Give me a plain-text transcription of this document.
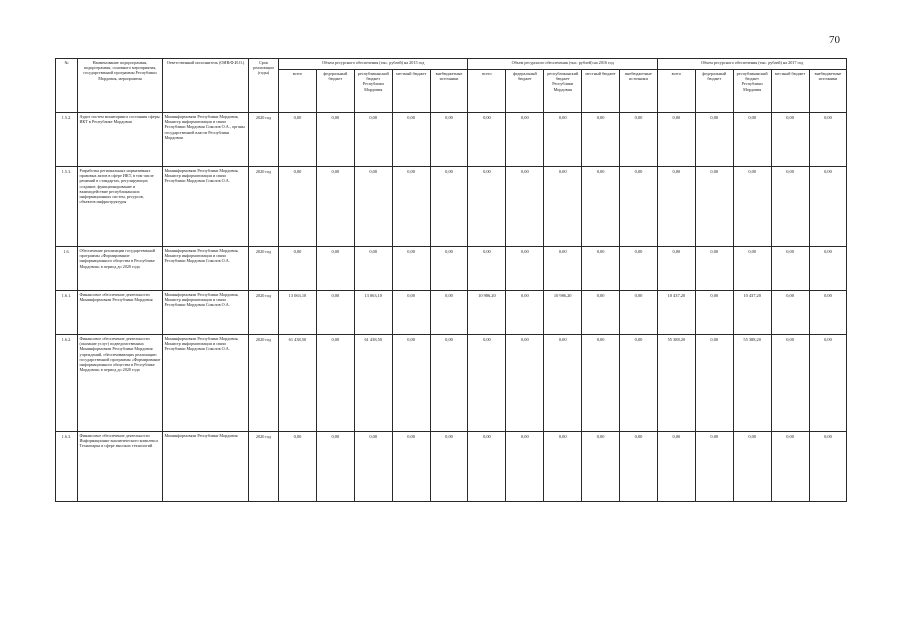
70
№	Наименование подпрограммы, подпрограммы, основного мероприятия, государственной программы Республики Мордовия, мероприятия	Ответственный исполнитель (ОИВ/Ф.И.О.)	Срок реализации (годы)	Объем ресурсного обеспечения (тыс. рублей) на 2015 год					Объем ресурсного обеспечения (тыс. рублей) на 2016 год					Объем ресурсного обеспечения (тыс. рублей) на 2017 год				
				всего	федеральный бюджет	республиканский бюджет Республики Мордовия	местный бюджет	внебюджетные источники	всего	федеральный бюджет	республиканский бюджет Республики Мордовия	местный бюджет	внебюджетные источники	всего	федеральный бюджет	республиканский бюджет Республики Мордовия	местный бюджет	внебюджетные источники
1.5.2.	Аудит систем мониторинга состояния сферы ИКТ в Республике Мордовия	Мининформсвязи Республики Мордовия, Министр информатизации и связи Республики Мордовия Соколов О.А., органы государственной власти Республики Мордовия	2020 год	0,00	0,00	0,00	0,00	0,00	0,00	0,00	0,00	0,00	0,00	0,00	0,00	0,00	0,00	0,00
1.5.3.	Разработка региональных нормативных правовых актов в сфере ИКТ, в том числе решений в стандартах, регулирующих создание, функционирование и взаимодействие республиканских информационных систем, ресурсов, объектов инфраструктуры	Мининформсвязи Республики Мордовия, Министр информатизации и связи Республики Мордовия Соколов О.А.	2020 год	0,00	0,00	0,00	0,00	0,00	0,00	0,00	0,00	0,00	0,00	0,00	0,00	0,00	0,00	0,00
1.6.	Обеспечение реализации государственной программы «Формирование информационного общества в Республике Мордовия» в период до 2020 года	Мининформсвязи Республики Мордовия, Министр информатизации и связи Республики Мордовия Соколов О.А.	2020 год	0,00	0,00	0,00	0,00	0,00	0,00	0,00	0,00	0,00	0,00	0,00	0,00	0,00	0,00	0,00
1.6.1.	Финансовое обеспечение деятельности Мининформсвязи Республики Мордовия	Мининформсвязи Республики Мордовия, Министр информатизации и связи Республики Мордовия Соколов О.А.	2020 год	13 063,10	0,00	13 063,10	0,00	0,00	10 986,20	0,00	10 986,20	0,00	0,00	10 437,20	0,00	10 437,20	0,00	0,00
1.6.2.	Финансовое обеспечение деятельности (оказание услуг) подведомственных Мининформсвязи Республики Мордовия учреждений, обеспечивающих реализацию государственной программы «Формирование информационного общества в Республике Мордовия» в период до 2020 года	Мининформсвязи Республики Мордовия, Министр информатизации и связи Республики Мордовия Соколов О.А.	2020 год	61 438,50	0,00	61 438,50	0,00	0,00	0,00	0,00	0,00	0,00	0,00	55 388,20	0,00	55 388,20	0,00	0,00
1.6.3.	Финансовое обеспечение деятельности Информационно-аналитического комплекса Технопарка в сфере высоких технологий	Мининформсвязи Республики Мордовия	2020 год	0,00	0,00	0,00	0,00	0,00	0,00	0,00	0,00	0,00	0,00	0,00	0,00	0,00	0,00	0,00
